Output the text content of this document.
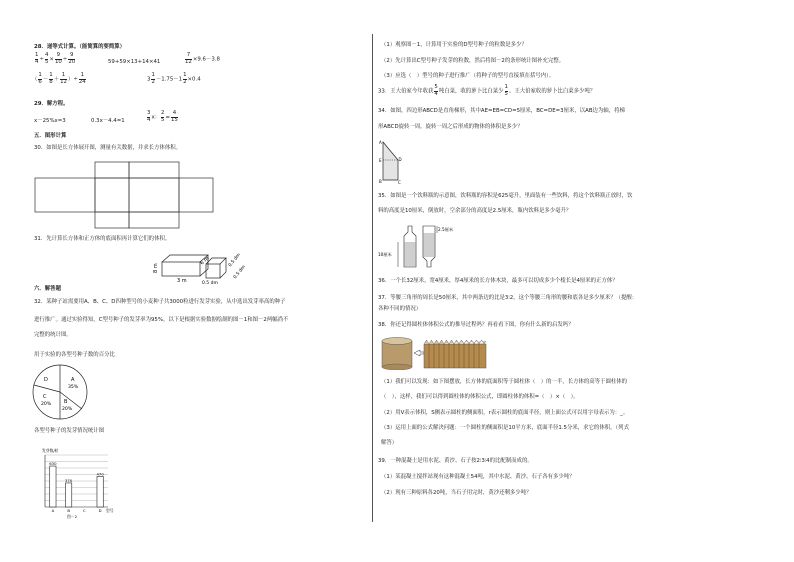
28．递等式计算。（能简算的要简算）
$\frac{1}{4} \div \frac{4}{5} \times \frac{9}{10} \div \frac{9}{20}$	59+59×13+14×41	$\frac{7}{12} \times 9.6-3.8$
（ $\frac{1}{6} - \frac{1}{8} + \frac{1}{12}$ ）÷ $\frac{1}{24}$	$3 \frac{1}{2} -1.75-1 \frac{1}{2} \times 0.4$
29．解方程。
x－25%x=3	0.3x－4.4=1	$\frac{3}{4}$ x： $\frac{2}{5} = \frac{4}{15}$
五．图形计算
30．如图是长方体展开图，测量有关数据，并求长方体体积。
31．先计算长方体和正方体的底面积再计算它们的体积。
8 m
3 m
6 m	0.5 dm
0.5 dm
0.5 dm
六．解答题
32．某种子站需要用A、B、C、D四种型号的小麦种子共3000粒进行发芽实验，从中选出发芽率高的种子
进行推广。通过实验得知，C型号种子的发芽率为95%。以下是根据实验数据绘制的图－1和图－2两幅尚不
完整的统计图。
用于实验的各型号种子数的百分比
A
35%
B
20%
C
20%
D
各型号种子的发芽情况统计图
发芽数/粒
630
A
370
B	C
470
D 型号
图－2
（1）观察图－1，计算用于实验的D型号种子的粒数是多少？
（2）先计算出C型号种子发芽的粒数，然后将图－2的条形统计图补充完整。
（3）应选（　）型号的种子进行推广（将种子的型号直接填在括号内）。
33．王大伯家今年收获 $\frac{5}{4}$ 吨白菜，收的萝卜比白菜少 $\frac{1}{5}$ 。王大伯家收的萝卜比白菜多少吨？
34．如图，四边形ABCD是直角梯形，其中AE=EB=CD=5厘米，BC=DE=3厘米，以AB边为轴，将梯
形ABCD旋转一周，旋转一周之后形成的物体的体积是多少？
A
E	D
B	C
35．如图是一个饮料瓶的示意图，饮料瓶的容积是625毫升，里面装有一些饮料，将这个饮料瓶正放时，饮
料的高度是10厘米，倒放时，空余部分的高度是2.5厘米，瓶内饮料是多少毫升？
10厘米
2.5厘米
36．一个长32厘米，宽4厘米，厚4厘米的长方体木块，最多可以切成多少个棱长是4厘米的正方体？
37．等腰三角形的周长是50厘米，其中两条边的比是3∶2，这个等腰三角形的腰和底各是多少厘米？（提醒：
各种不同的情况）
38．你还记得圆柱体体积公式的推导过程吗？再看看下图，你有什么新的启发吗？
（1）我们可以发现：如下图摆放，长方体的底面积等于圆柱体（　）的一半，长方体的高等于圆柱体的
（　），这样，我们可以得到圆柱体的体积公式，即圆柱体的体积=（　）×（　）。
（2）用V表示体积，S侧表示圆柱的侧面积，r表示圆柱的底面半径，则上面公式可以用字母表示为：_。
（3）运用上面的公式解决问题：一个圆柱的侧面积是10平方米，底面半径1.5分米，求它的体积。（列式
解答）
39．一种混凝土是用水泥、黄沙、石子按2∶3∶4的比配制而成的。
（1）某混凝土搅拌站现有这种混凝土54吨，其中水泥、黄沙、石子各有多少吨？
（2）现有三种原料各20吨，当石子用完时，黄沙还剩多少吨？
